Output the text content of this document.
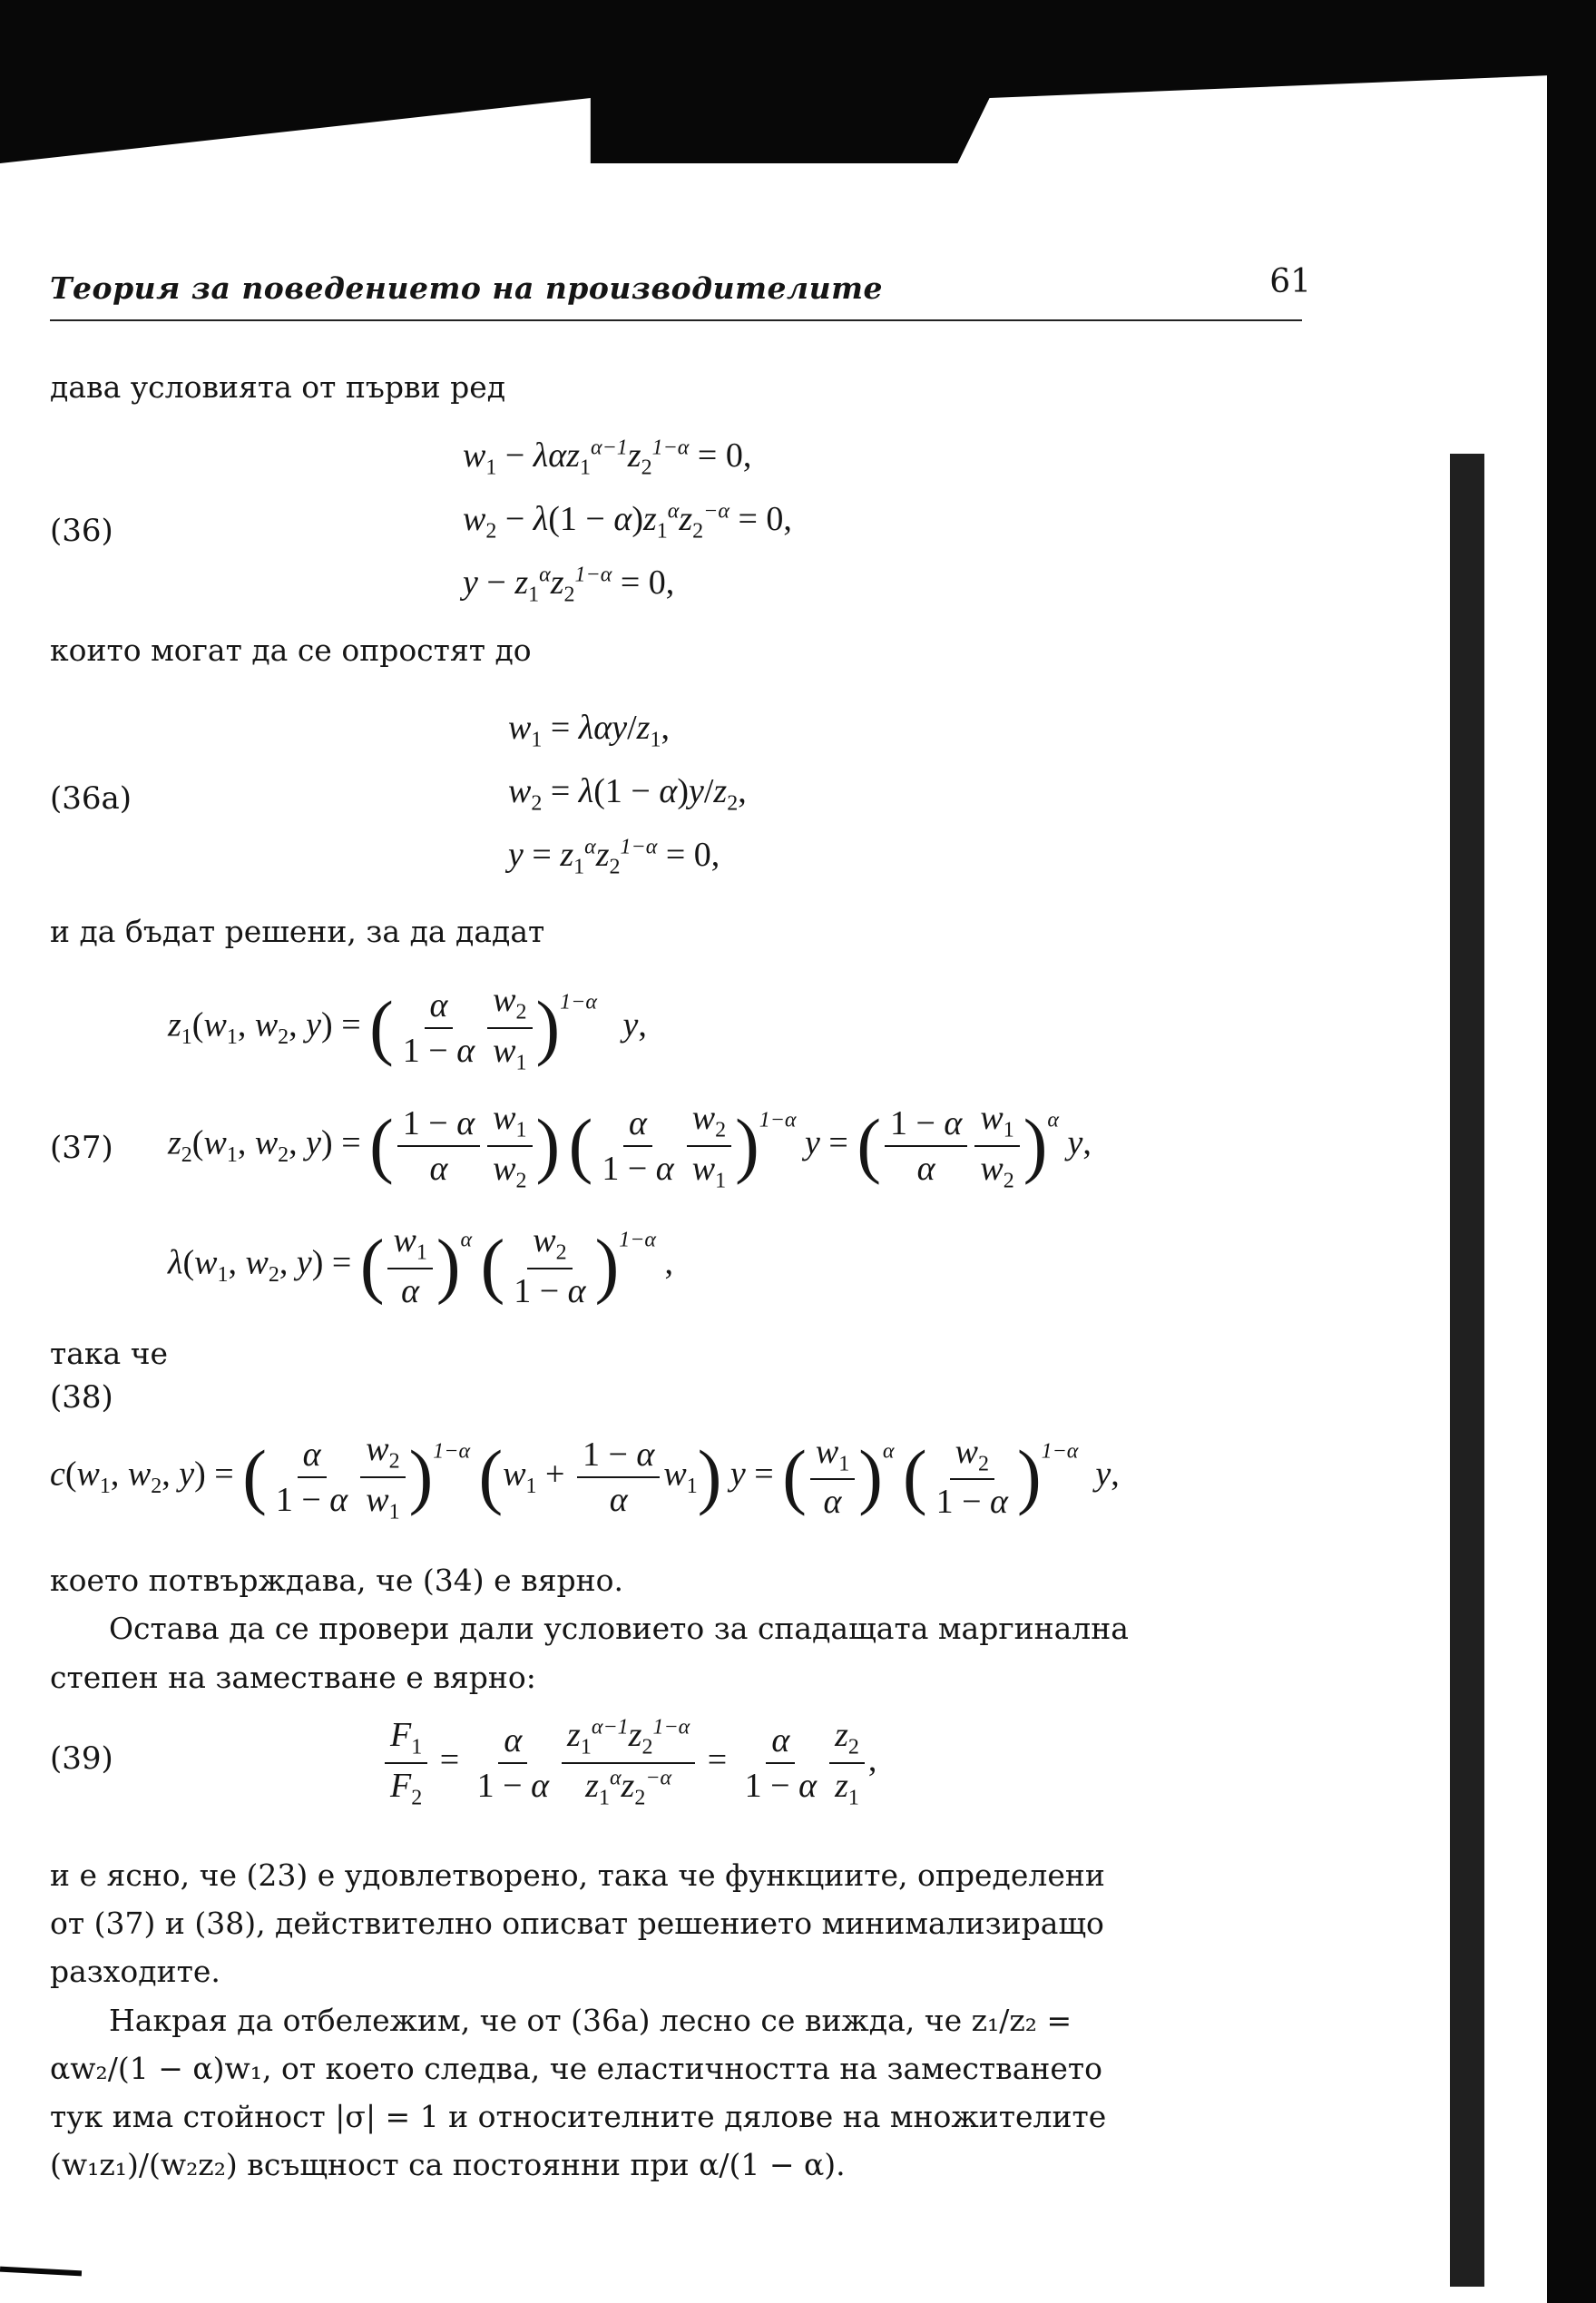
Теория за поведението на производителите	61
дава условията от първи ред
(36)
$w_1 - \lambda\alpha z_1^{\alpha-1}z_2^{1-\alpha} = 0$,
$w_2 - \lambda(1 - \alpha)z_1^\alpha z_2^{-\alpha} = 0$,
$y - z_1^\alpha z_2^{1-\alpha} = 0$,
които могат да се опростят до
(36а)
$w_1 = \lambda\alpha y/z_1$,
$w_2 = \lambda(1 - \alpha)y/z_2$,
$y = z_1^\alpha z_2^{1-\alpha} = 0$,
и да бъдат решени, за да дадат
$z_1(w_1$, $w_2$, y) = ( $\frac{\alpha}{1 - \alpha} \frac{w_2}{w_1} )^{1-\alpha}$   y,
(37) $z_2(w_1$, $w_2$, y) = ( $\frac{1 - \alpha}{\alpha} \frac{w_1}{w_2}$ ) ( $\frac{\alpha}{1 - \alpha} \frac{w_2}{w_1} )^{1-\alpha}$ y = ( $\frac{1 - \alpha}{\alpha} \frac{w_1}{w_2} )^\alpha$ y,
$\lambda(w_1$, $w_2$, y) = ( $\frac{w_1}{\alpha} )^\alpha$ ( $\frac{w_2}{1 - \alpha} )^{1-\alpha}$ ,
така че
(38)
$c(w_1$, $w_2$, y) = ( $\frac{\alpha}{1 - \alpha} \frac{w_2}{w_1} )^{1-\alpha}$ $(w_1 + \frac{1 - \alpha}{\alpha} w_1) y$ = ( $\frac{w_1}{\alpha} )^\alpha$ ( $\frac{w_2}{1 - \alpha} )^{1-\alpha}$  y,
което потвърждава, че (34) е вярно.
Остава да се провери дали условието за спадащата маргинална
степен на заместване е вярно:
(39)	$\frac{F_1}{F_2} = \frac{\alpha}{1 - \alpha} \frac{z_1^{\alpha-1}z_2^{1-\alpha}}{z_1^\alpha z_2^{-\alpha}} = \frac{\alpha}{1 - \alpha} \frac{z_2}{z_1}$ ,
и е ясно, че (23) е удовлетворено, така че функциите, определени
от (37) и (38), действително описват решението минимализиращо
разходите.
Накрая да отбележим, че от (36а) лесно се вижда, че z₁/z₂ =
αw₂/(1 − α)w₁, от което следва, че еластичността на заместването
тук има стойност |σ| = 1 и относителните дялове на множителите
(w₁z₁)/(w₂z₂) всъщност са постоянни при α/(1 − α).
